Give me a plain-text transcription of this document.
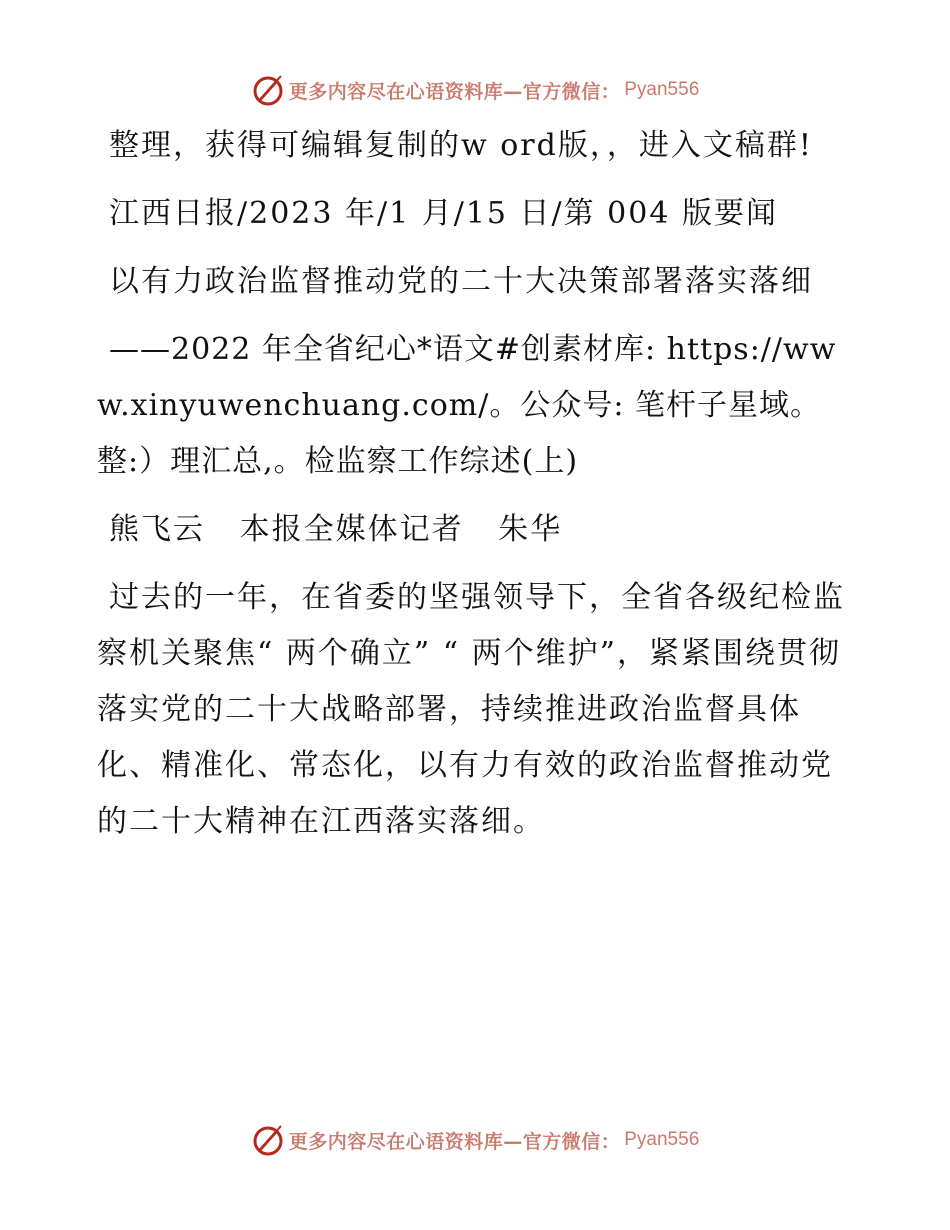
更多内容尽在心语资料库—官方微信： Pyan556

整理，获得可编辑复制的w ord版，，进入文稿群!

江西日报/2023 年/1 月/15 日/第 004 版要闻

以有力政治监督推动党的二十大决策部署落实落细

——2022 年全省纪心*语文#创素材库: https://www.xinyuwenchuang.com/。公众号: 笔杆子星域。整:）理汇总,。检监察工作综述(上)

熊飞云   本报全媒体记者   朱华

过去的一年，在省委的坚强领导下，全省各级纪检监察机关聚焦“ 两个确立” “ 两个维护”，紧紧围绕贯彻落实党的二十大战略部署，持续推进政治监督具体化、精准化、常态化，以有力有效的政治监督推动党的二十大精神在江西落实落细。

更多内容尽在心语资料库—官方微信： Pyan556
